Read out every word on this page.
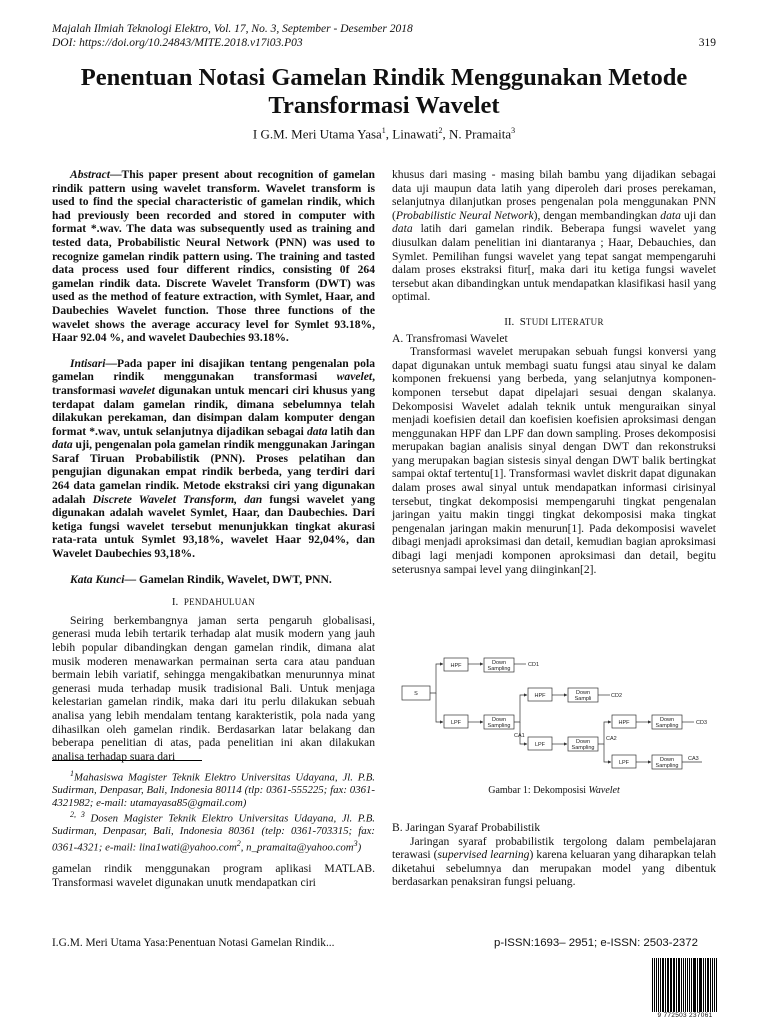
Majalah Ilmiah Teknologi Elektro, Vol. 17, No. 3, September - Desember 2018
DOI: https://doi.org/10.24843/MITE.2018.v17i03.P03	319
Penentuan Notasi Gamelan Rindik Menggunakan Metode
Transformasi Wavelet
I G.M. Meri Utama Yasa$^1$, Linawati$^2$, N. Pramaita$^3$

Abstract—This paper present about recognition of gamelan rindik pattern using wavelet transform. Wavelet transform is used to find the special characteristic of gamelan rindik, which had previously been recorded and stored in computer with format *.wav. The data was subsequently used as training and tested data, Probabilistic Neural Network (PNN) was used to recognize gamelan rindik pattern using. The training and tasted data process used four different rindics, consisting 0f 264 gamelan rindik data. Discrete Wavelet Transform (DWT) was used as the method of feature extraction, with Symlet, Haar, and Daubechies Wavelet function. Those three functions of the wavelet shows the average accuracy level for Symlet 93.18%, Haar 92.04 %, and wavelet Daubechies 93.18%.

Intisari—Pada paper ini disajikan tentang pengenalan pola gamelan rindik menggunakan transformasi wavelet, transformasi wavelet digunakan untuk mencari ciri khusus yang terdapat dalam gamelan rindik, dimana sebelumnya telah dilakukan perekaman, dan disimpan dalam komputer dengan format *.wav, untuk selanjutnya dijadikan sebagai data latih dan data uji, pengenalan pola gamelan rindik menggunakan Jaringan Saraf Tiruan Probabilistik (PNN). Proses pelatihan dan pengujian digunakan empat rindik berbeda, yang terdiri dari 264 data gamelan rindik. Metode ekstraksi ciri yang digunakan adalah Discrete Wavelet Transform, dan fungsi wavelet yang digunakan adalah wavelet Symlet, Haar, dan Daubechies. Dari ketiga fungsi wavelet tersebut menunjukkan tingkat akurasi rata-rata untuk Symlet 93,18%, wavelet Haar 92,04%, dan Wavelet Daubechies 93,18%.

Kata Kunci— Gamelan Rindik, Wavelet, DWT, PNN.

I. PENDAHULUAN

Seiring berkembangnya jaman serta pengaruh globalisasi, generasi muda lebih tertarik terhadap alat musik modern yang jauh lebih popular dibandingkan dengan gamelan rindik, dimana alat musik moderen menawarkan permainan serta cara atau panduan bermain lebih variatif, sehingga mengakibatkan menurunnya minat generasi muda terhadap musik tradisional Bali. Untuk menjaga kelestarian gamelan rindik, maka dari itu perlu dilakukan sebuah analisa yang lebih mendalam tentang karakteristik, pola nada yang dihasilkan oleh gamelan rindik. Berdasarkan latar belakang dan beberapa penelitian di atas, pada penelitian ini akan dilakukan analisa terhadap suara dari

$^1$Mahasiswa Magister Teknik Elektro Universitas Udayana, Jl. P.B. Sudirman, Denpasar, Bali, Indonesia 80114 (tlp: 0361-555225; fax: 0361-4321982; e-mail: utamayasa85@gmail.com)

$^{2, 3}$ Dosen Magister Teknik Elektro Universitas Udayana, Jl. P.B. Sudirman, Denpasar, Bali, Indonesia 80361 (telp: 0361-703315; fax: 0361-4321; e-mail: lina1wati@yahoo.com$^2$, n_pramaita@yahoo.com$^3$)

gamelan rindik menggunakan program aplikasi MATLAB. Transformasi wavelet digunakan unutk mendapatkan ciri

khusus dari masing - masing bilah bambu yang dijadikan sebagai data uji maupun data latih yang diperoleh dari proses perekaman, selanjutnya dilanjutkan proses pengenalan pola menggunakan PNN (Probabilistic Neural Network), dengan membandingkan data uji dan data latih dari gamelan rindik. Beberapa fungsi wavelet yang diusulkan dalam penelitian ini diantaranya ; Haar, Debauchies, dan Symlet. Pemilihan fungsi wavelet yang tepat sangat mempengaruhi dalam proses ekstraksi fitur[, maka dari itu ketiga fungsi wavelet tersebut akan dibandingkan untuk mendapatkan klasifikasi hasil yang optimal.

II. STUDI LITERATUR

A. Transfromasi Wavelet

Transformasi wavelet merupakan sebuah fungsi konversi yang dapat digunakan untuk membagi suatu fungsi atau sinyal ke dalam komponen frekuensi yang berbeda, yang selanjutnya komponen-komponen tersebut dapat dipelajari sesuai dengan skalanya. Dekomposisi Wavelet adalah teknik untuk menguraikan sinyal menjadi koefisien detail dan koefisien koefisien aproksimasi dengan menggunakan HPF dan LPF dan down sampling. Proses dekomposisi merupakan bagian analisis sinyal dengan DWT dan rekonstruksi yang merupakan bagian sistesis sinyal dengan DWT balik bertingkat sampai oktaf tertentu[1]. Transformasi wavlet diskrit dapat digunakan dalam proses awal sinyal untuk mendapatkan informasi cirisinyal tersebut, tingkat dekomposisi mempengaruhi tingkat pengenalan jaringan yaitu makin tinggi tingkat dekomposisi maka tingkat pengenalan jaringan makin menurun[1]. Pada dekomposisi wavelet dibagi menjadi aproksimasi dan detail, kemudian bagian aproksimasi dibagi lagi menjadi komponen aproksimasi dan detail, begitu seterusnya sampai level yang diinginkan[2].

S
HPF	Down
Sampling
LPF	Down
Sampling
HPF	Down
Sampli
LPF	Down
Sampling
HPF	Down
Sampling
LPF	Down
Sampling
CD1
CD2
CD3
CA1	CA2
CA3
Gambar 1: Dekomposisi Wavelet

B. Jaringan Syaraf Probabilistik

Jaringan syaraf probabilistik tergolong dalam pembelajaran terawasi (supervised learning) karena keluaran yang diharapkan telah diketahui sebelumnya dan merupakan model yang dibentuk berdasarkan penaksiran fungsi peluang.

I.G.M. Meri Utama Yasa:Penentuan Notasi Gamelan Rindik...	p-ISSN:1693– 2951; e-ISSN: 2503-2372
9 772503 237061
